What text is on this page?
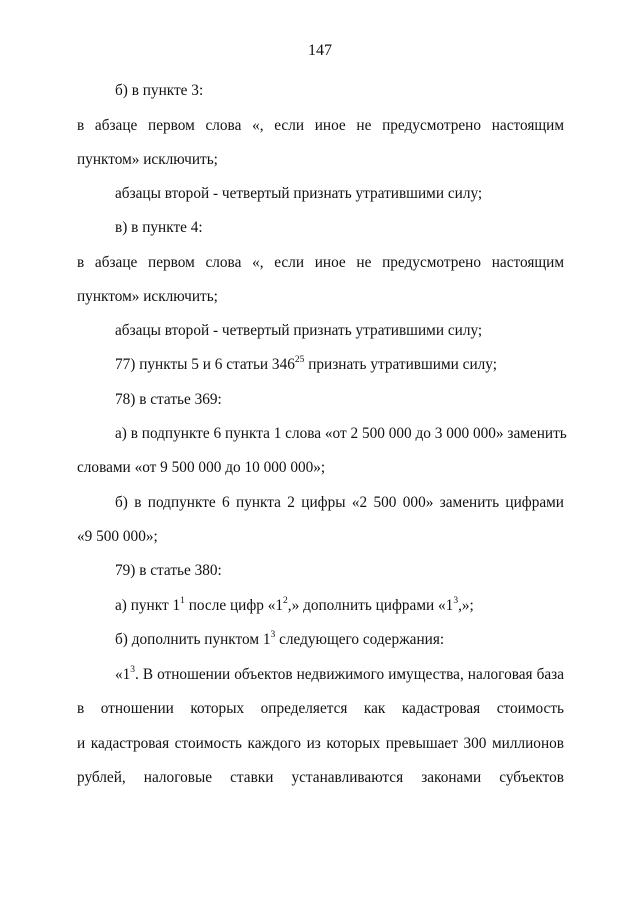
147
б) в пункте 3:
в абзаце первом слова «, если иное не предусмотрено настоящим
пунктом» исключить;
абзацы второй - четвертый признать утратившими силу;
в) в пункте 4:
в абзаце первом слова «, если иное не предусмотрено настоящим
пунктом» исключить;
абзацы второй - четвертый признать утратившими силу;
77) пункты 5 и 6 статьи $346^{25}$ признать утратившими силу;
78) в статье 369:
а) в подпункте 6 пункта 1 слова «от 2 500 000 до 3 000 000» заменить
словами «от 9 500 000 до 10 000 000»;
б) в подпункте 6 пункта 2 цифры «2 500 000» заменить цифрами
«9 500 000»;
79) в статье 380:
а) пункт $1^1$ после цифр «$1^2$,» дополнить цифрами «$1^3$,»;
б) дополнить пунктом $1^3$ следующего содержания:
«$1^3$. В отношении объектов недвижимого имущества, налоговая база
в отношении которых определяется как кадастровая стоимость
и кадастровая стоимость каждого из которых превышает 300 миллионов
рублей, налоговые ставки устанавливаются законами субъектов
